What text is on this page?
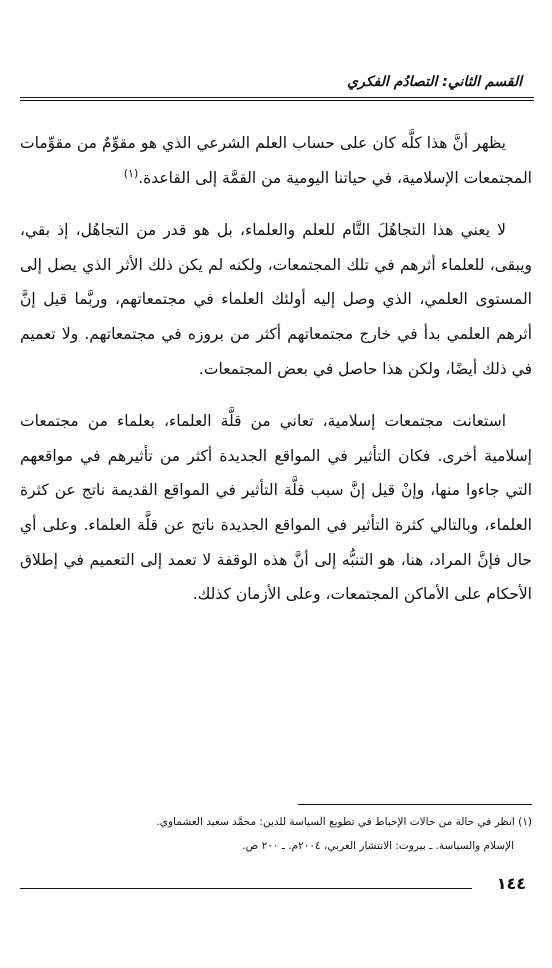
القسم الثاني: التصادُم الفكري

يظهر أنَّ هذا كلَّه كان على حساب العلم الشرعي الذي هو مقوِّمٌ من مقوِّمات المجتمعات الإسلامية، في حياتنا اليومية من القمَّة إلى القاعدة.$^{(١)}$

لا يعني هذا التجاهُلَ التَّام للعلم والعلماء، بل هو قدر من التجاهُل، إذ بقي، ويبقى، للعلماء أثرهم في تلك المجتمعات، ولكنه لم يكن ذلك الأثر الذي يصل إلى المستوى العلمي، الذي وصل إليه أولئك العلماء في مجتمعاتهم، وربَّما قيل إنَّ أثرهم العلمي بدأ في خارج مجتمعاتهم أكثر من بروزه في مجتمعاتهم. ولا تعميم في ذلك أيضًا، ولكن هذا حاصل في بعض المجتمعات.

استعانت مجتمعات إسلامية، تعاني من قلَّة العلماء، بعلماء من مجتمعات إسلامية أخرى. فكان التأثير في المواقع الجديدة أكثر من تأثيرهم في مواقعهم التي جاءوا منها، وإنْ قيل إنَّ سبب قلَّة التأثير في المواقع القديمة ناتج عن كثرة العلماء، وبالتالي كثرة التأثير في المواقع الجديدة ناتج عن قلَّة العلماء. وعلى أي حال فإنَّ المراد، هنا، هو التنبُّه إلى أنَّ هذه الوقفة لا تعمد إلى التعميم في إطلاق الأحكام على الأماكن المجتمعات، وعلى الأزمان كذلك.

(١) انظر في حالة من حالات الإحباط في تطويع السياسة للدين: محمَّد سعيد العشماوي.

الإسلام والسياسة. ـ بيروت: الانتشار العربي، ٢٠٠٤م. ـ ٢٠٠ ص.

١٤٤
